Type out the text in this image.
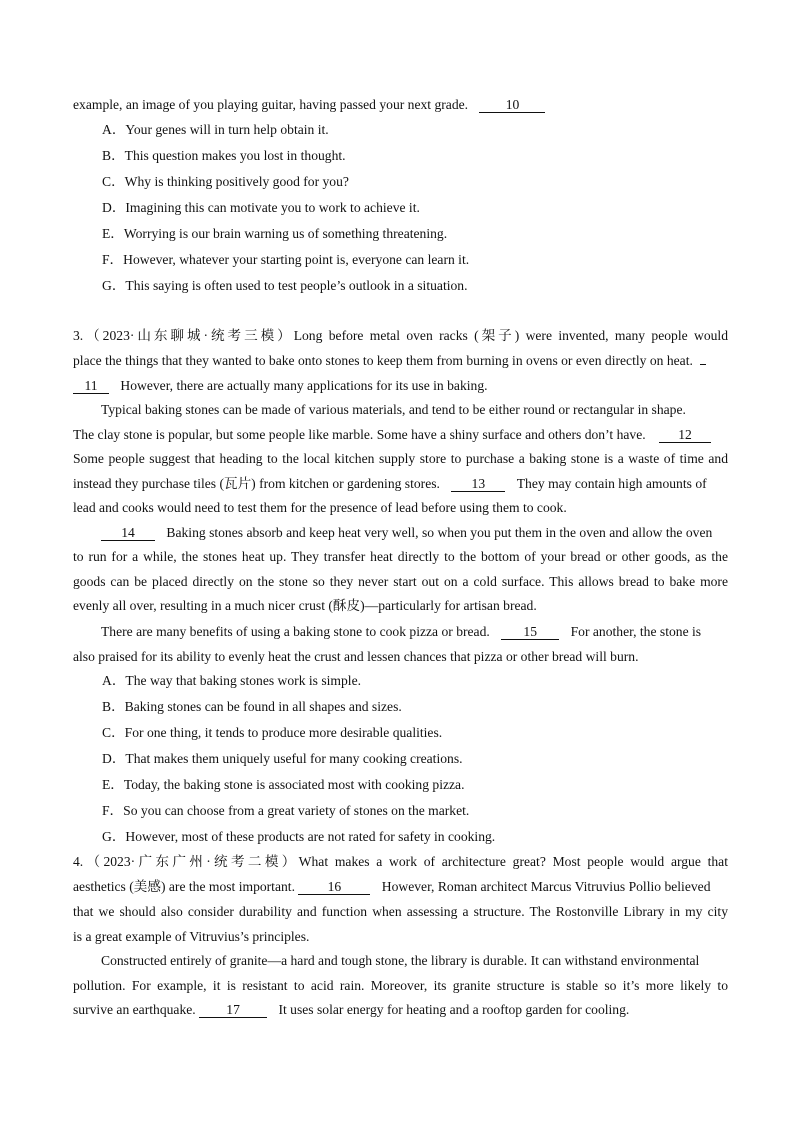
example, an image of you playing guitar, having passed your next grade.	10
A．Your genes will in turn help obtain it.
B．This question makes you lost in thought.
C．Why is thinking positively good for you?
D．Imagining this can motivate you to work to achieve it.
E．Worrying is our brain warning us of something threatening.
F．However, whatever your starting point is, everyone can learn it.
G．This saying is often used to test people’s outlook in a situation.
3.（2023·山东聊城·统考三模）Long before metal oven racks (架子) were invented, many people would
place the things that they wanted to bake onto stones to keep them from burning in ovens or even directly on heat.
11 However, there are actually many applications for its use in baking.
Typical baking stones can be made of various materials, and tend to be either round or rectangular in shape.
The clay stone is popular, but some people like marble. Some have a shiny surface and others don’t have. 12
Some people suggest that heading to the local kitchen supply store to purchase a baking stone is a waste of time and
instead they purchase tiles (瓦片) from kitchen or gardening stores. 13 They may contain high amounts of
lead and cooks would need to test them for the presence of lead before using them to cook.
14 Baking stones absorb and keep heat very well, so when you put them in the oven and allow the oven
to run for a while, the stones heat up. They transfer heat directly to the bottom of your bread or other goods, as the
goods can be placed directly on the stone so they never start out on a cold surface. This allows bread to bake more
evenly all over, resulting in a much nicer crust (酥皮)—particularly for artisan bread.
There are many benefits of using a baking stone to cook pizza or bread. 15 For another, the stone is
also praised for its ability to evenly heat the crust and lessen chances that pizza or other bread will burn.
A．The way that baking stones work is simple.
B．Baking stones can be found in all shapes and sizes.
C．For one thing, it tends to produce more desirable qualities.
D．That makes them uniquely useful for many cooking creations.
E．Today, the baking stone is associated most with cooking pizza.
F．So you can choose from a great variety of stones on the market.
G．However, most of these products are not rated for safety in cooking.
4.（2023·广东广州·统考二模）What makes a work of architecture great? Most people would argue that
aesthetics (美感) are the most important. 16	However, Roman architect Marcus Vitruvius Pollio believed
that we should also consider durability and function when assessing a structure. The Rostonville Library in my city
is a great example of Vitruvius’s principles.
Constructed entirely of granite—a hard and tough stone, the library is durable. It can withstand environmental
pollution. For example, it is resistant to acid rain. Moreover, its granite structure is stable so it’s more likely to
survive an earthquake. 17	It uses solar energy for heating and a rooftop garden for cooling.
